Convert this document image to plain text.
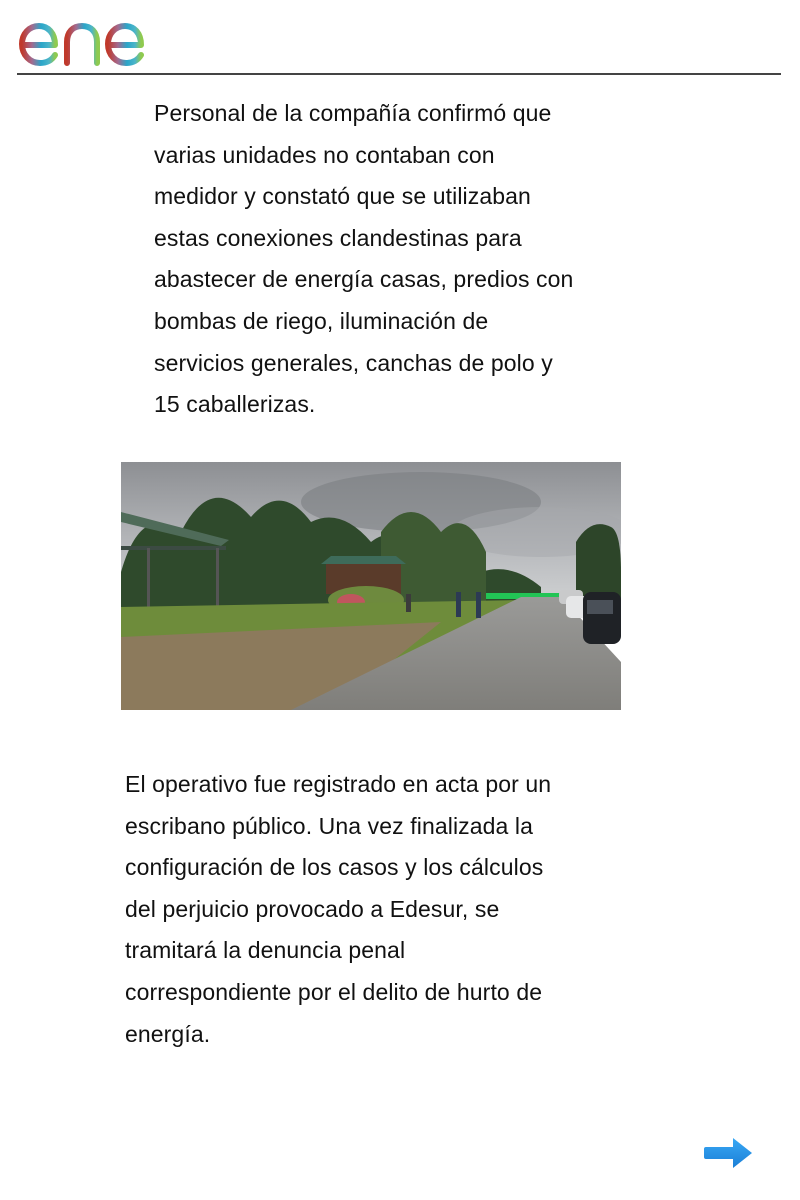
Personal de la compañía confirmó que
varias unidades no contaban con
medidor y constató que se utilizaban
estas conexiones clandestinas para
abastecer de energía casas, predios con
bombas de riego, iluminación de
servicios generales, canchas de polo y
15 caballerizas.

El operativo fue registrado en acta por un
escribano público. Una vez finalizada la
configuración de los casos y los cálculos
del perjuicio provocado a Edesur, se
tramitará la denuncia penal
correspondiente por el delito de hurto de
energía.
